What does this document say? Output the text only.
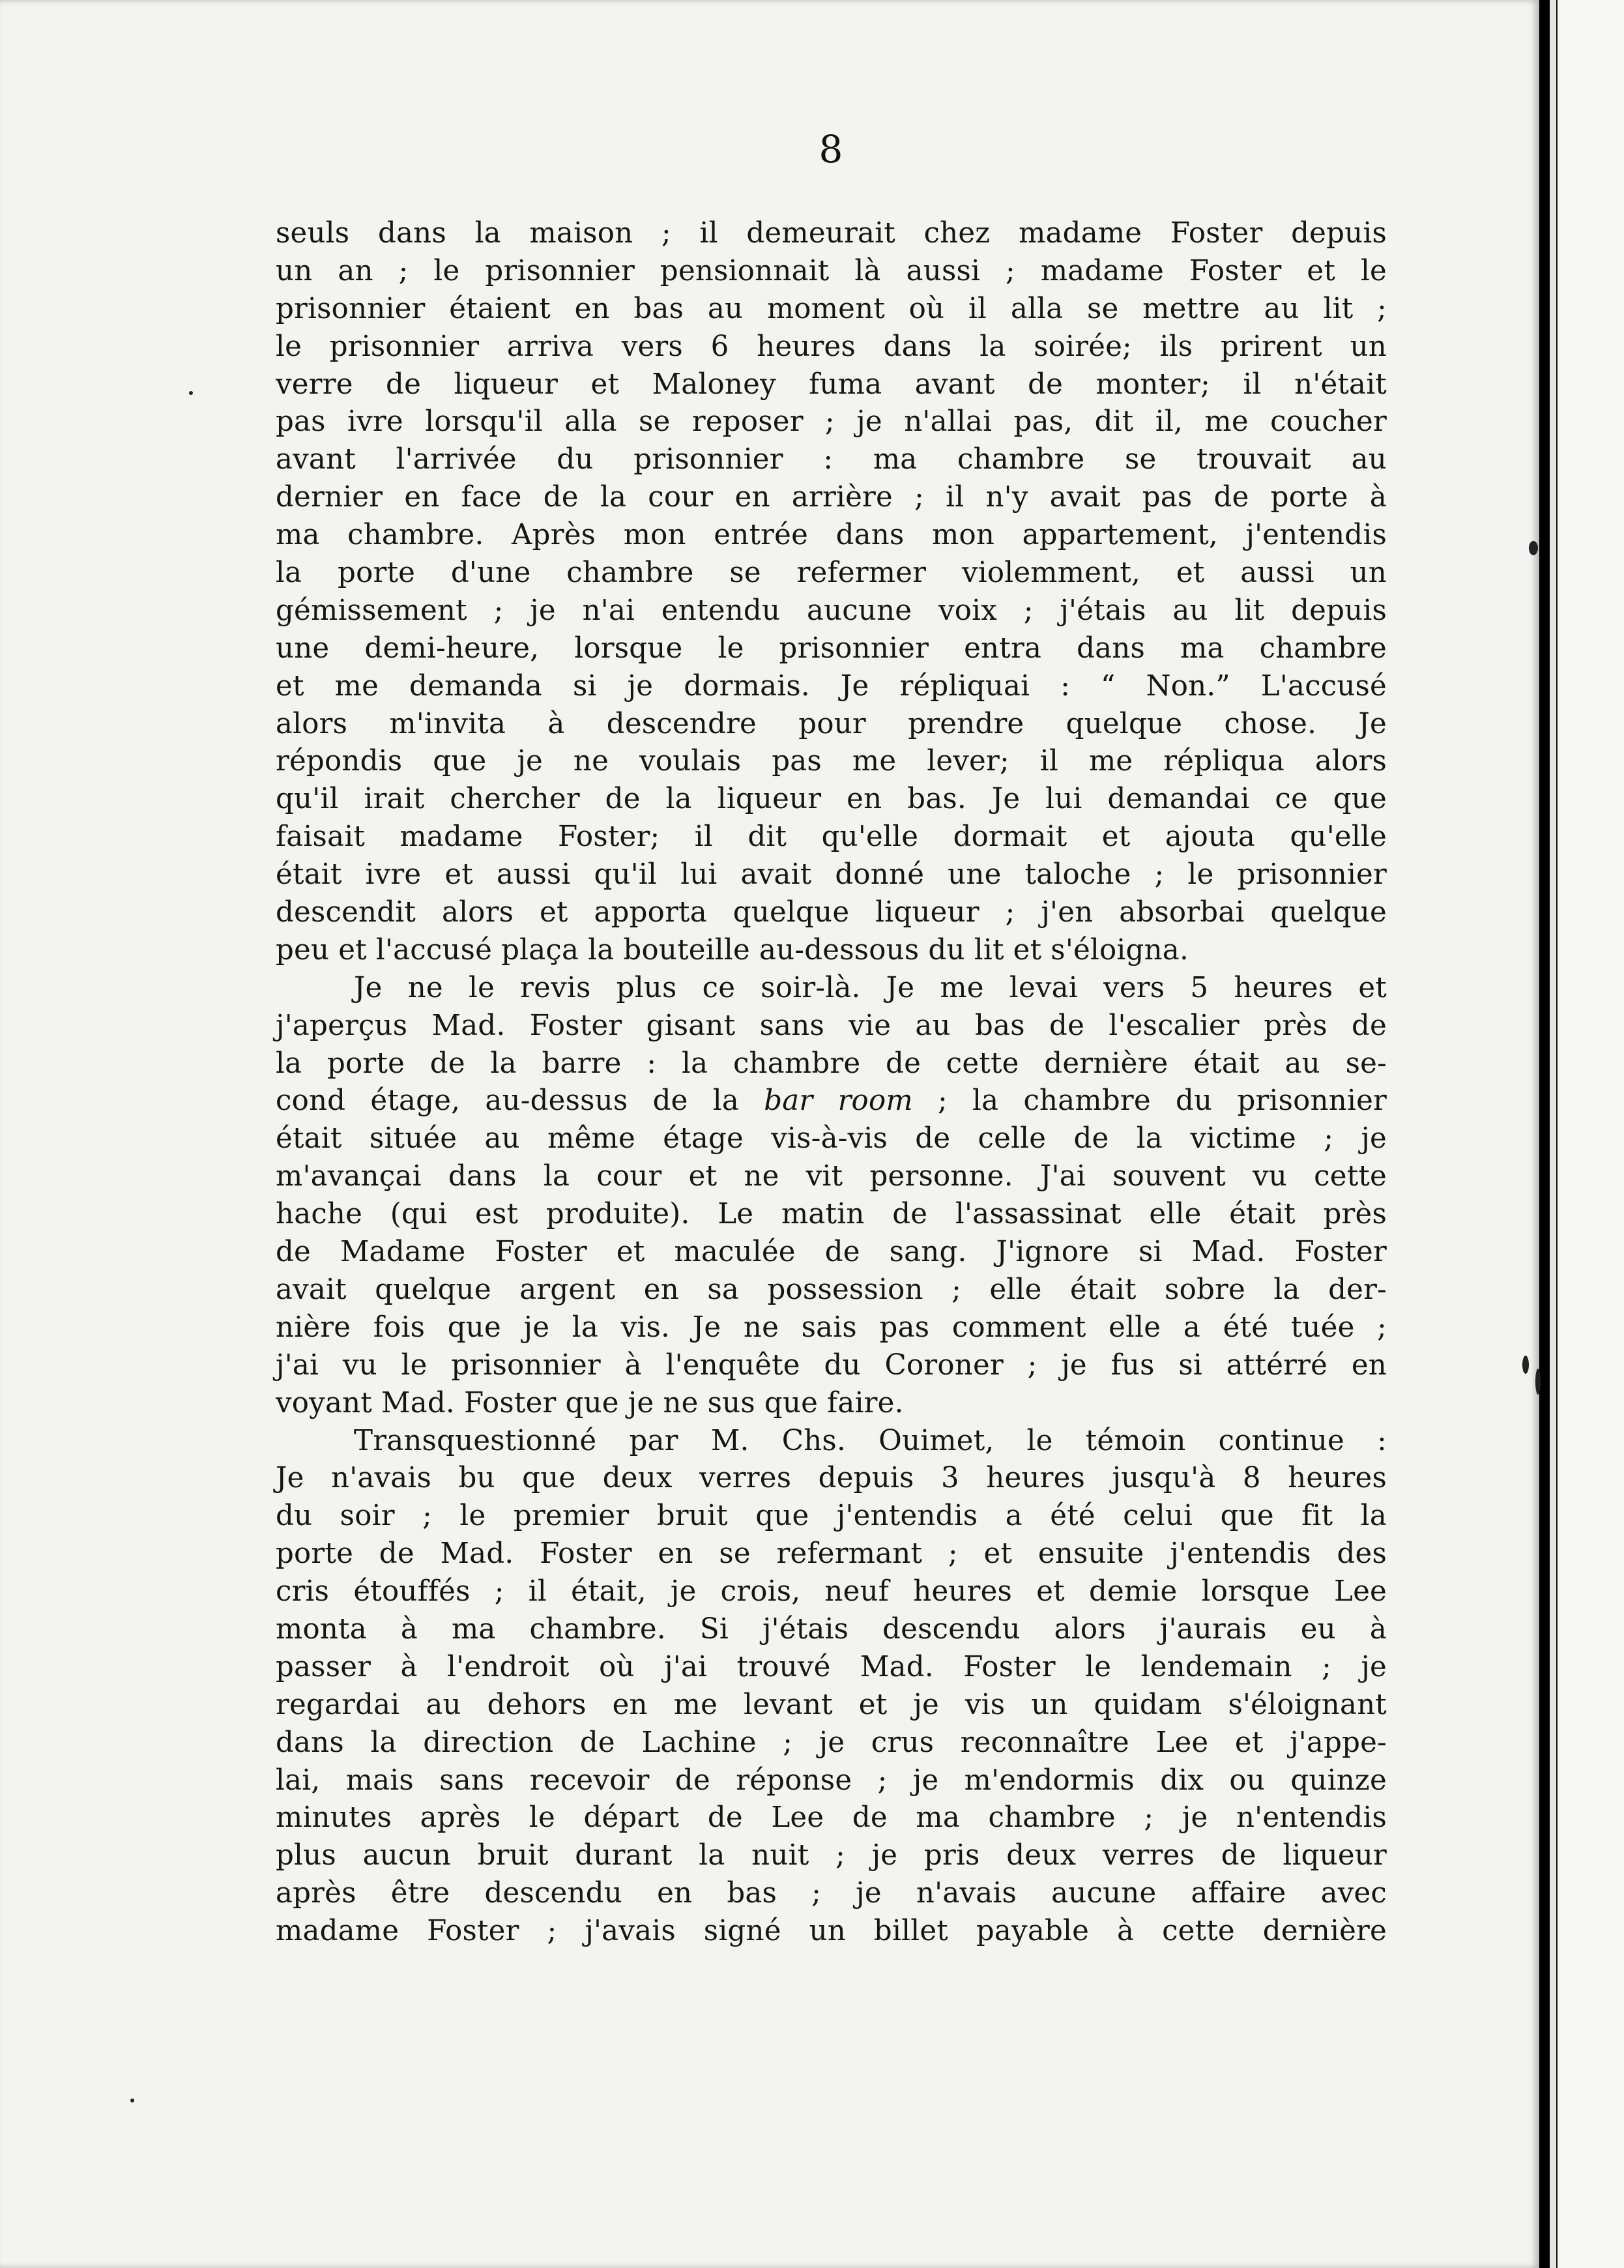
8
seuls dans la maison ; il demeurait chez madame Foster depuis
un an ; le prisonnier pensionnait là aussi ; madame Foster et le
prisonnier étaient en bas au moment où il alla se mettre au lit ;
le prisonnier arriva vers 6 heures dans la soirée; ils prirent un
verre de liqueur et Maloney fuma avant de monter; il n'était
pas ivre lorsqu'il alla se reposer ; je n'allai pas, dit il, me coucher
avant l'arrivée du prisonnier : ma chambre se trouvait au
dernier en face de la cour en arrière ; il n'y avait pas de porte à
ma chambre. Après mon entrée dans mon appartement, j'entendis
la porte d'une chambre se refermer violemment, et aussi un
gémissement ; je n'ai entendu aucune voix ; j'étais au lit depuis
une demi-heure, lorsque le prisonnier entra dans ma chambre
et me demanda si je dormais. Je répliquai : “ Non.” L'accusé
alors m'invita à descendre pour prendre quelque chose. Je
répondis que je ne voulais pas me lever; il me répliqua alors
qu'il irait chercher de la liqueur en bas. Je lui demandai ce que
faisait madame Foster; il dit qu'elle dormait et ajouta qu'elle
était ivre et aussi qu'il lui avait donné une taloche ; le prisonnier
descendit alors et apporta quelque liqueur ; j'en absorbai quelque
peu et l'accusé plaça la bouteille au-dessous du lit et s'éloigna.
Je ne le revis plus ce soir-là. Je me levai vers 5 heures et
j'aperçus Mad. Foster gisant sans vie au bas de l'escalier près de
la porte de la barre : la chambre de cette dernière était au se-
cond étage, au-dessus de la bar room ; la chambre du prisonnier
était située au même étage vis-à-vis de celle de la victime ; je
m'avançai dans la cour et ne vit personne. J'ai souvent vu cette
hache (qui est produite). Le matin de l'assassinat elle était près
de Madame Foster et maculée de sang. J'ignore si Mad. Foster
avait quelque argent en sa possession ; elle était sobre la der-
nière fois que je la vis. Je ne sais pas comment elle a été tuée ;
j'ai vu le prisonnier à l'enquête du Coroner ; je fus si attérré en
voyant Mad. Foster que je ne sus que faire.
Transquestionné par M. Chs. Ouimet, le témoin continue :
Je n'avais bu que deux verres depuis 3 heures jusqu'à 8 heures
du soir ; le premier bruit que j'entendis a été celui que fit la
porte de Mad. Foster en se refermant ; et ensuite j'entendis des
cris étouffés ; il était, je crois, neuf heures et demie lorsque Lee
monta à ma chambre. Si j'étais descendu alors j'aurais eu à
passer à l'endroit où j'ai trouvé Mad. Foster le lendemain ; je
regardai au dehors en me levant et je vis un quidam s'éloignant
dans la direction de Lachine ; je crus reconnaître Lee et j'appe-
lai, mais sans recevoir de réponse ; je m'endormis dix ou quinze
minutes après le départ de Lee de ma chambre ; je n'entendis
plus aucun bruit durant la nuit ; je pris deux verres de liqueur
après être descendu en bas ; je n'avais aucune affaire avec
madame Foster ; j'avais signé un billet payable à cette dernière
